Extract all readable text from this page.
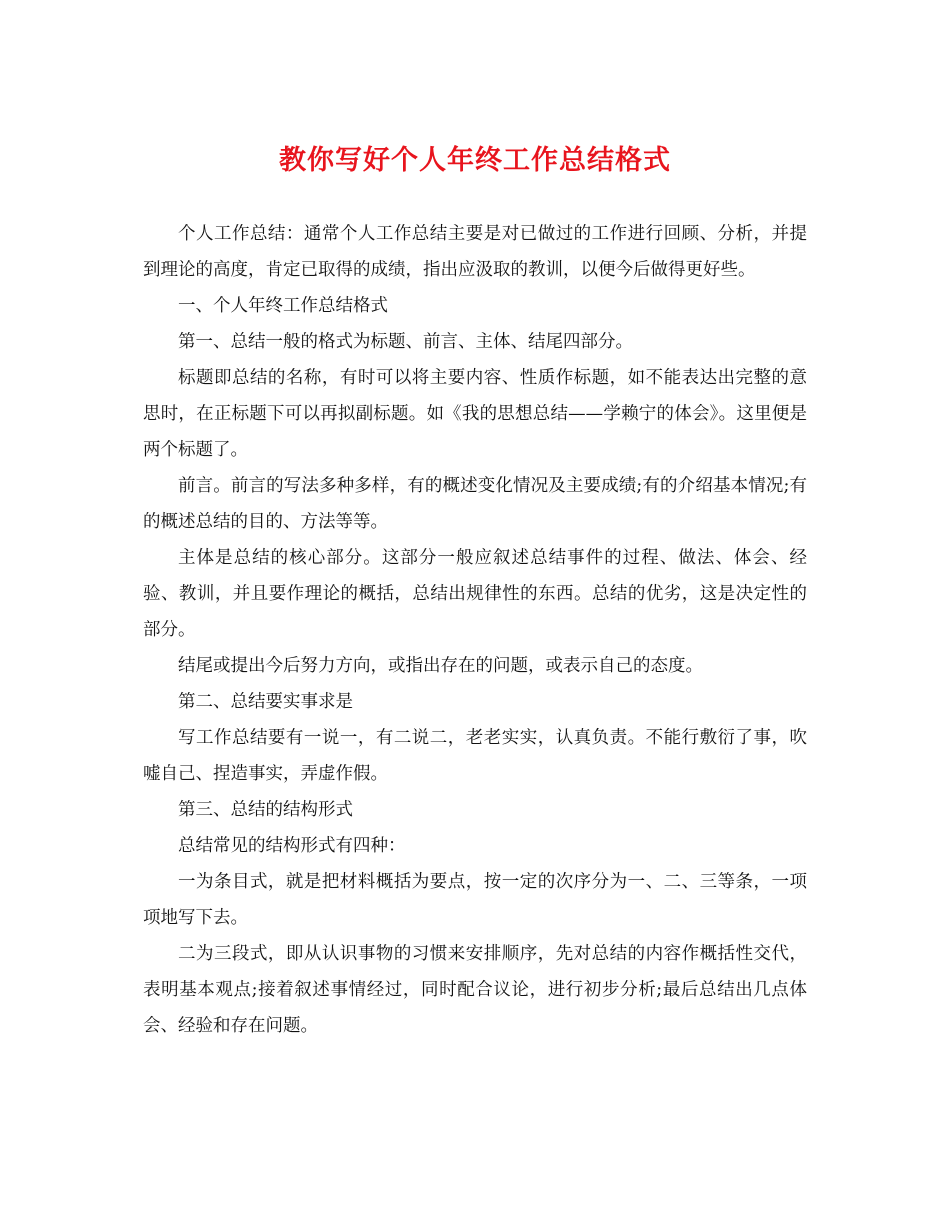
教你写好个人年终工作总结格式

个人工作总结：通常个人工作总结主要是对已做过的工作进行回顾、分析，并提到理论的高度，肯定已取得的成绩，指出应汲取的教训，以便今后做得更好些。

一、个人年终工作总结格式

第一、总结一般的格式为标题、前言、主体、结尾四部分。

标题即总结的名称，有时可以将主要内容、性质作标题，如不能表达出完整的意思时，在正标题下可以再拟副标题。如《我的思想总结——学赖宁的体会》。这里便是两个标题了。

前言。前言的写法多种多样，有的概述变化情况及主要成绩;有的介绍基本情况;有的概述总结的目的、方法等等。

主体是总结的核心部分。这部分一般应叙述总结事件的过程、做法、体会、经验、教训，并且要作理论的概括，总结出规律性的东西。总结的优劣，这是决定性的部分。

结尾或提出今后努力方向，或指出存在的问题，或表示自己的态度。

第二、总结要实事求是

写工作总结要有一说一，有二说二，老老实实，认真负责。不能行敷衍了事，吹嘘自己、捏造事实，弄虚作假。

第三、总结的结构形式

总结常见的结构形式有四种：

一为条目式，就是把材料概括为要点，按一定的次序分为一、二、三等条，一项项地写下去。

二为三段式，即从认识事物的习惯来安排顺序，先对总结的内容作概括性交代，表明基本观点;接着叙述事情经过，同时配合议论，进行初步分析;最后总结出几点体会、经验和存在问题。
